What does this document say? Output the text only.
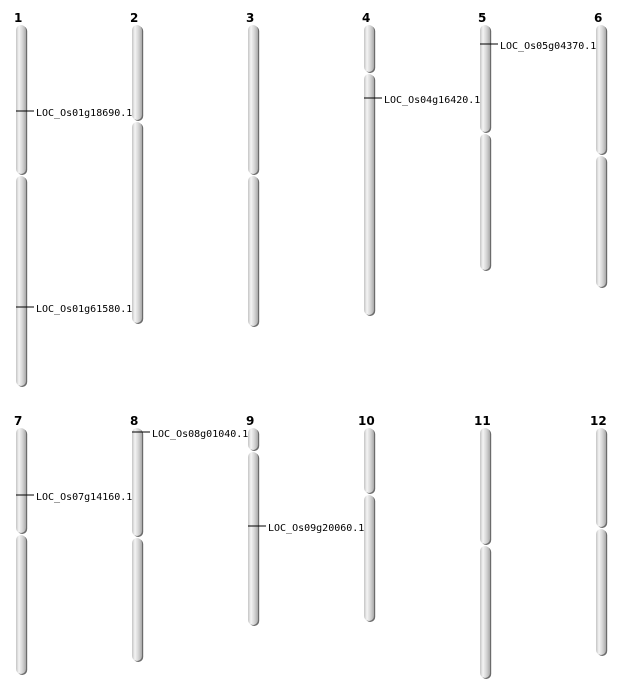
1
LOC_Os01g18690.1
LOC_Os01g61580.1
2	3	4
LOC_Os04g16420.1
5
LOC_Os05g04370.1
6
7
LOC_Os07g14160.1
8
LOC_Os08g01040.1
9
LOC_Os09g20060.1
10	11	12
